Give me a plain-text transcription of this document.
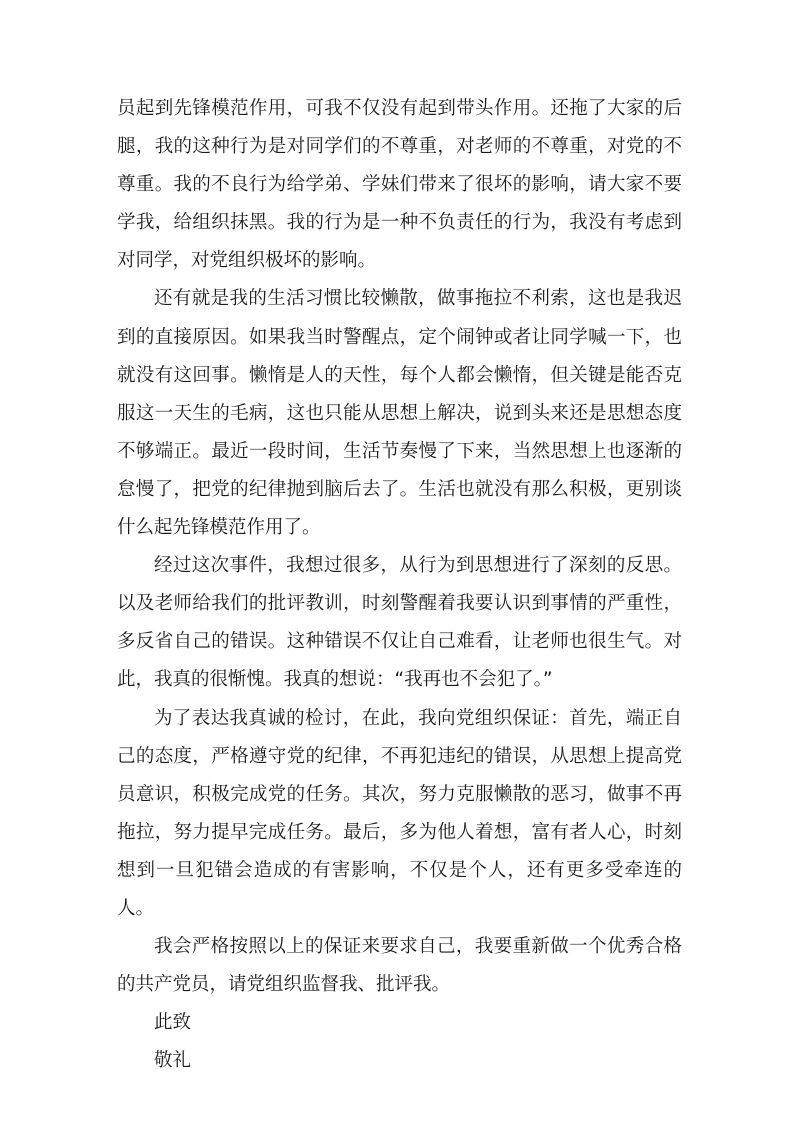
员起到先锋模范作用，可我不仅没有起到带头作用。还拖了大家的后腿，我的这种行为是对同学们的不尊重，对老师的不尊重，对党的不尊重。我的不良行为给学弟、学妹们带来了很坏的影响，请大家不要学我，给组织抹黑。我的行为是一种不负责任的行为，我没有考虑到对同学，对党组织极坏的影响。

还有就是我的生活习惯比较懒散，做事拖拉不利索，这也是我迟到的直接原因。如果我当时警醒点，定个闹钟或者让同学喊一下，也就没有这回事。懒惰是人的天性，每个人都会懒惰，但关键是能否克服这一天生的毛病，这也只能从思想上解决，说到头来还是思想态度不够端正。最近一段时间，生活节奏慢了下来，当然思想上也逐渐的怠慢了，把党的纪律抛到脑后去了。生活也就没有那么积极，更别谈什么起先锋模范作用了。

经过这次事件，我想过很多，从行为到思想进行了深刻的反思。以及老师给我们的批评教训，时刻警醒着我要认识到事情的严重性，多反省自己的错误。这种错误不仅让自己难看，让老师也很生气。对此，我真的很惭愧。我真的想说：“我再也不会犯了。”

为了表达我真诚的检讨，在此，我向党组织保证：首先，端正自己的态度，严格遵守党的纪律，不再犯违纪的错误，从思想上提高党员意识，积极完成党的任务。其次，努力克服懒散的恶习，做事不再拖拉，努力提早完成任务。最后，多为他人着想，富有者人心，时刻想到一旦犯错会造成的有害影响，不仅是个人，还有更多受牵连的人。

我会严格按照以上的保证来要求自己，我要重新做一个优秀合格的共产党员，请党组织监督我、批评我。

此致

敬礼
